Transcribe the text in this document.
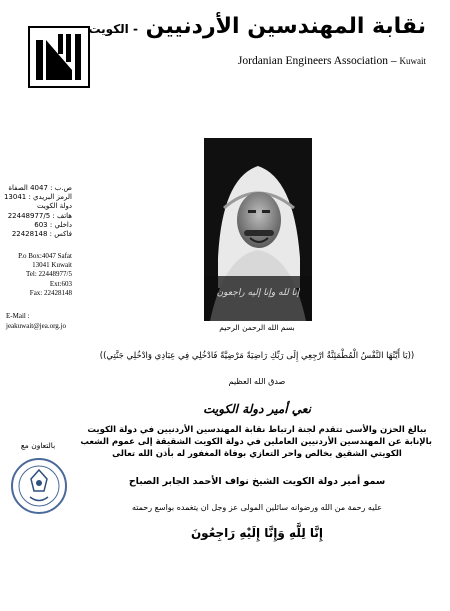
نقابة المهندسين الأردنيين - الكويت
Jordanian Engineers Association – Kuwait
ص.ب : 4047 الصفاة
الرمز البريدي : 13041
دولة الكويت
هاتف : 22448977/5
داخلي : 603
فاكس : 22428148
P.o Box:4047 Safat
13041 Kuwait
Tel: 22448977/5
Ext:603
Fax: 22428148
E-Mail :
jeakuwait@jea.org.jo
إنا لله وإنا إليه راجعون
بسم الله الرحمن الرحيم
((يَا أَيَّتُهَا النَّفْسُ الْمُطْمَئِنَّةُ ارْجِعِي إِلَى رَبِّكِ رَاضِيَةً مَرْضِيَّةً فَادْخُلِي فِي عِبَادِي وَادْخُلِي جَنَّتِي))
صدق الله العظيم
نعي أمير دولة الكويت
ببالغ الحزن والأسى تتقدم لجنة ارتباط نقابة المهندسين الأردنيين في دولة الكويت
بالإنابة عن المهندسين الأردنيين العاملين في دولة الكويت الشقيقة إلى عموم الشعب
الكويتي الشقيق بخالص واحر التعازي بوفاة المغفور له بأذن الله تعالى
سمو أمير دولة الكويت الشيخ نواف الأحمد الجابر الصباح
عليه رحمة من الله ورضوانه سائلين المولى عز وجل ان يتغمده بواسع رحمته
إِنَّا لِلَّهِ وَإِنَّا إِلَيْهِ رَاجِعُونَ
بالتعاون مع
